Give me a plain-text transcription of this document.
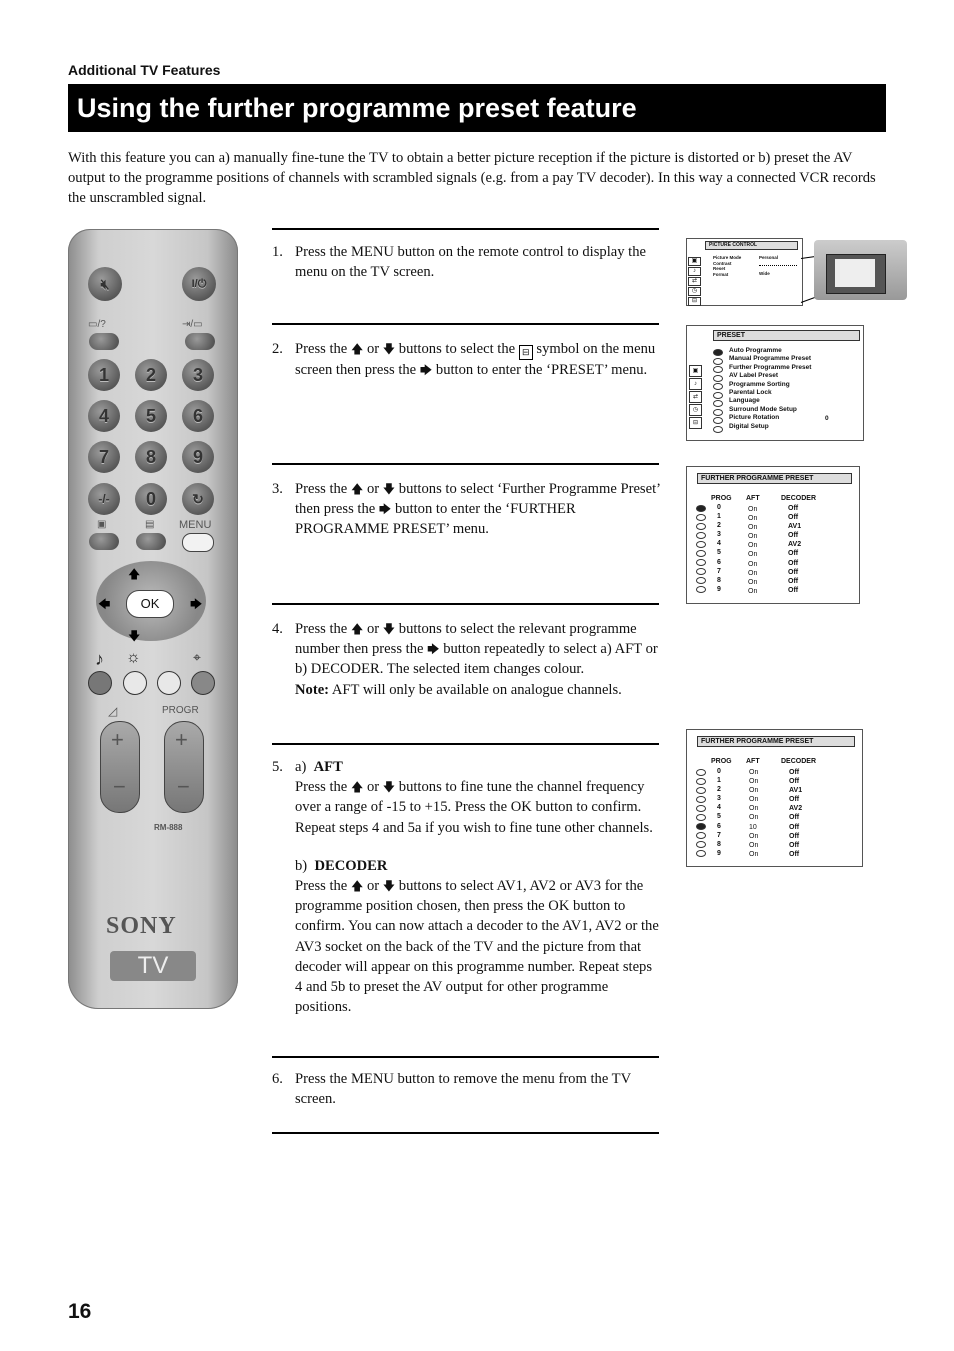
Additional TV Features
Using the further programme preset feature
With this feature you can a) manually fine-tune the TV to obtain a better picture reception if the picture is distorted or b) preset the AV output to the programme positions of channels with scrambled signals (e.g. from a pay TV decoder). In this way a connected VCR records the unscrambled signal.
🔇︎	I/⏻
▭/?	⇥/▭
1 2 3
4 5 6
7 8 9
-/- 0	↻
▣	▤ MENU
🡅︎
🡇︎
🡄︎	🡆︎
OK
♪ ☼	⌖
◿	PROGR
+
−
+
−
RM-888
SONY
TV
1. Press the MENU button on the remote control to display the menu on the TV screen.
2. Press the 🡅︎ or 🡇︎ buttons to select the ⊟ symbol on the menu screen then press the 🡆︎ button to enter the ‘PRESET’ menu.
3. Press the 🡅︎ or 🡇︎ buttons to select ‘Further Programme Preset’ then press the 🡆︎ button to enter the ‘FURTHER PROGRAMME PRESET’ menu.
4. Press the 🡅︎ or 🡇︎ buttons to select the relevant programme number then press the 🡆︎ button repeatedly to select a) AFT or b) DECODER. The selected item changes colour.
Note: AFT will only be available on analogue channels.
5. a) AFT
Press the 🡅︎ or 🡇︎ buttons to fine tune the channel frequency over a range of -15 to +15. Press the OK button to confirm. Repeat steps 4 and 5a if you wish to fine tune other channels.
b) DECODER
Press the 🡅︎ or 🡇︎ buttons to select AV1, AV2 or AV3 for the programme position chosen, then press the OK button to confirm. You can now attach a decoder to the AV1, AV2 or the AV3 socket on the back of the TV and the picture from that decoder will appear on this programme number. Repeat steps 4 and 5b to preset the AV output for other programme positions.
6. Press the MENU button to remove the menu from the TV screen.
PICTURE CONTROL
▣
♪
⇄
◷
⊟
Picture Mode
Contrast
Reset
Format
Personal
Wide
PRESET
▣
♪
⇄
◷
⊟
Auto Programme
Manual Programme Preset
Further Programme Preset
AV Label Preset
Programme Sorting
Parental Lock
Language
Surround Mode Setup
Picture Rotation
Digital Setup
0
FURTHER PROGRAMME PRESET
PROG AFT	DECODER
0
1
2
3
4
5
6
7
8
9
On
On
On
On
On
On
On
On
On
On
Off
Off
AV1
Off
AV2
Off
Off
Off
Off
Off
FURTHER PROGRAMME PRESET
PROG AFT	DECODER
0
1
2
3
4
5
6
7
8
9
On
On
On
On
On
On
10
On
On
On
Off
Off
AV1
Off
AV2
Off
Off
Off
Off
Off
16
